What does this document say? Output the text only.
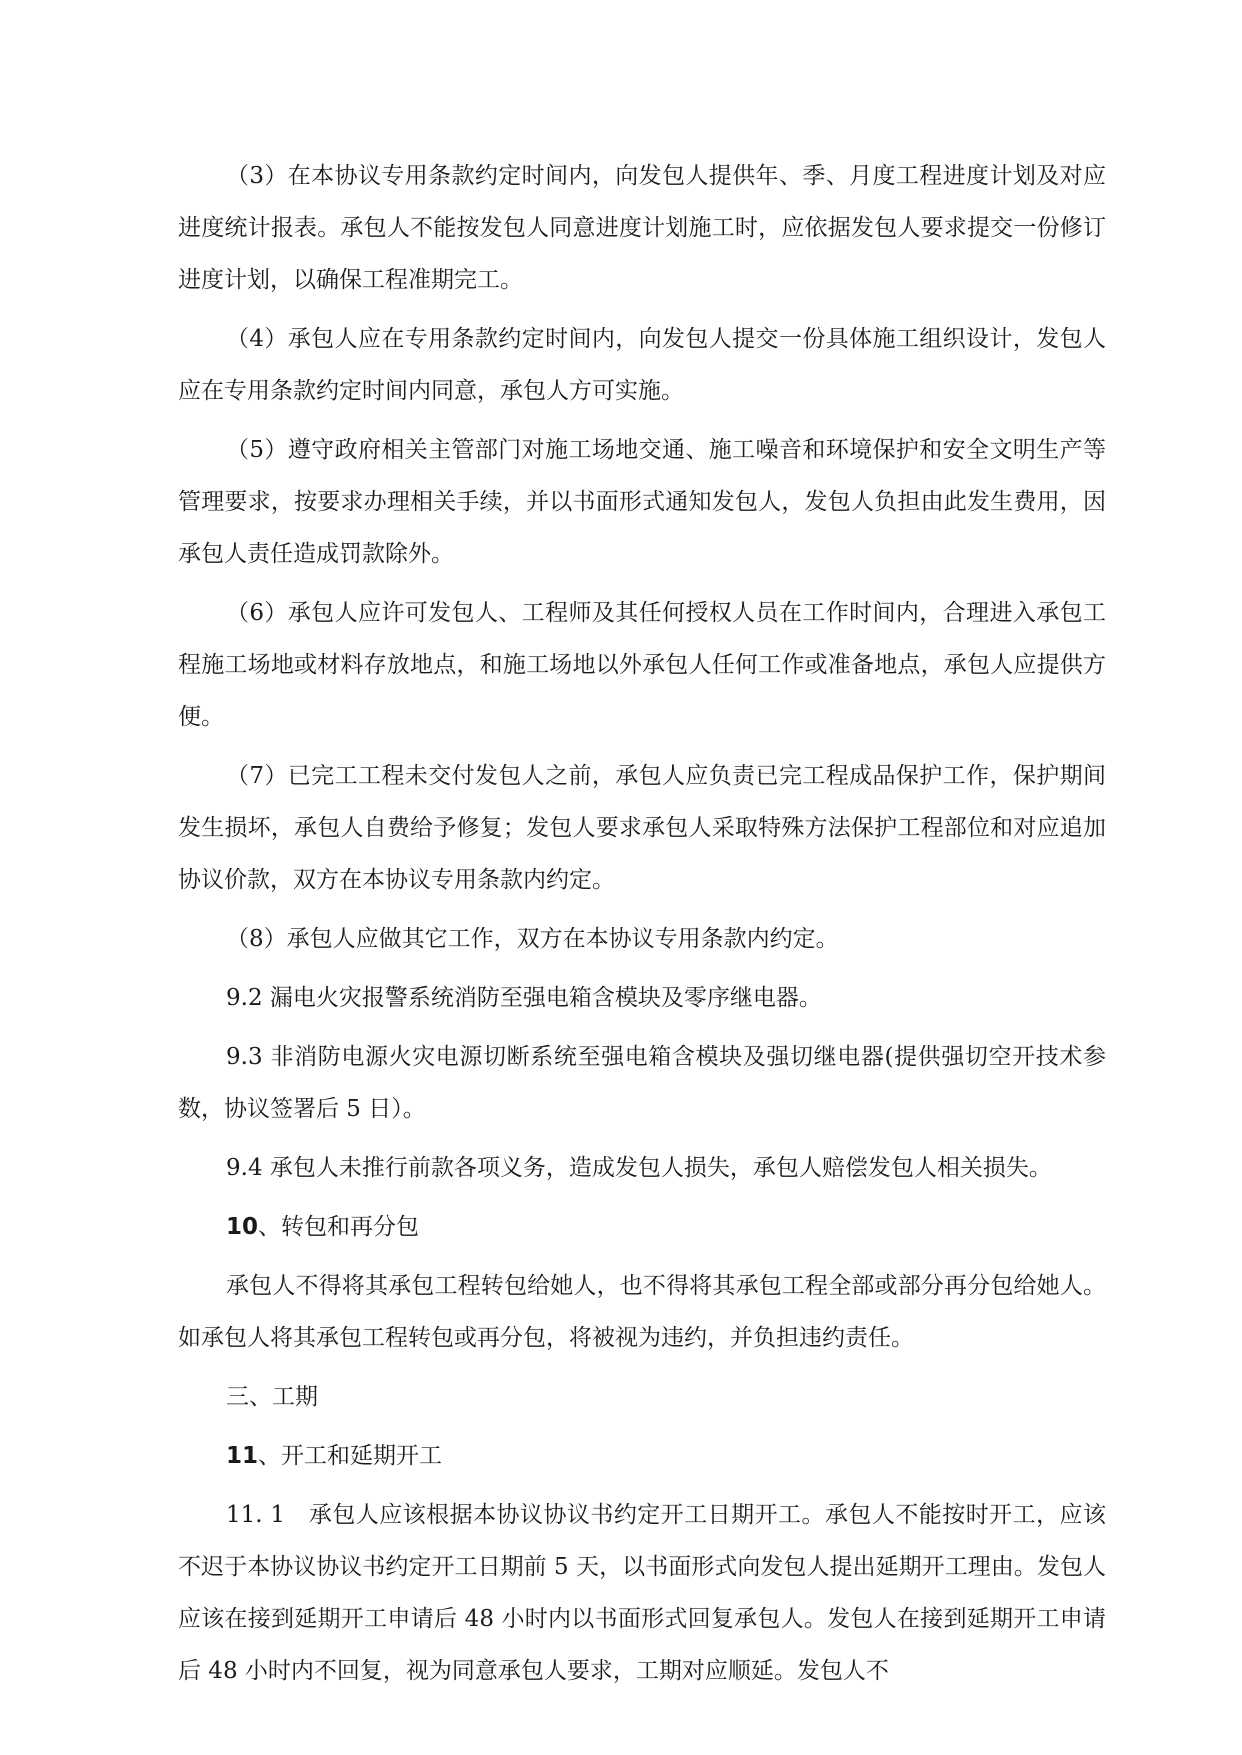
（3）在本协议专用条款约定时间内，向发包人提供年、季、月度工程进度计划及对应进度统计报表。承包人不能按发包人同意进度计划施工时，应依据发包人要求提交一份修订进度计划，以确保工程准期完工。

（4）承包人应在专用条款约定时间内，向发包人提交一份具体施工组织设计，发包人应在专用条款约定时间内同意，承包人方可实施。

（5）遵守政府相关主管部门对施工场地交通、施工噪音和环境保护和安全文明生产等管理要求，按要求办理相关手续，并以书面形式通知发包人，发包人负担由此发生费用，因承包人责任造成罚款除外。

（6）承包人应许可发包人、工程师及其任何授权人员在工作时间内，合理进入承包工程施工场地或材料存放地点，和施工场地以外承包人任何工作或准备地点，承包人应提供方便。

（7）已完工工程未交付发包人之前，承包人应负责已完工程成品保护工作，保护期间发生损坏，承包人自费给予修复；发包人要求承包人采取特殊方法保护工程部位和对应追加协议价款，双方在本协议专用条款内约定。

（8）承包人应做其它工作，双方在本协议专用条款内约定。

9.2 漏电火灾报警系统消防至强电箱含模块及零序继电器。

9.3 非消防电源火灾电源切断系统至强电箱含模块及强切继电器(提供强切空开技术参数，协议签署后 5 日）。

9.4 承包人未推行前款各项义务，造成发包人损失，承包人赔偿发包人相关损失。

10、转包和再分包

承包人不得将其承包工程转包给她人，也不得将其承包工程全部或部分再分包给她人。如承包人将其承包工程转包或再分包，将被视为违约，并负担违约责任。

三、工期

11、开工和延期开工

11. 1　承包人应该根据本协议协议书约定开工日期开工。承包人不能按时开工，应该不迟于本协议协议书约定开工日期前 5 天，以书面形式向发包人提出延期开工理由。发包人应该在接到延期开工申请后 48 小时内以书面形式回复承包人。发包人在接到延期开工申请后 48 小时内不回复，视为同意承包人要求，工期对应顺延。发包人不
